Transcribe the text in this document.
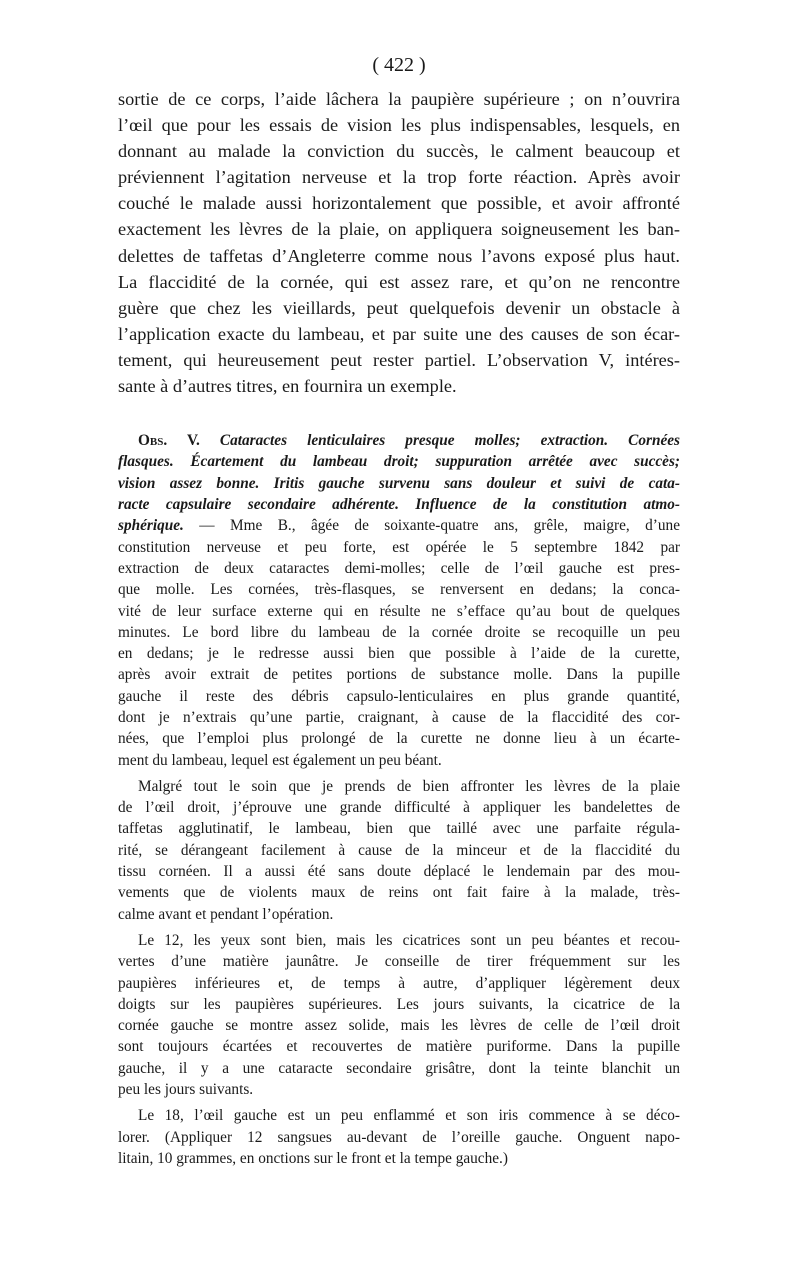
( 422 )
sortie de ce corps, l’aide lâchera la paupière supérieure ; on n’ouvrira
l’œil que pour les essais de vision les plus indispensables, lesquels, en
donnant au malade la conviction du succès, le calment beaucoup et
préviennent l’agitation nerveuse et la trop forte réaction. Après avoir
couché le malade aussi horizontalement que possible, et avoir affronté
exactement les lèvres de la plaie, on appliquera soigneusement les ban-
delettes de taffetas d’Angleterre comme nous l’avons exposé plus haut.
La flaccidité de la cornée, qui est assez rare, et qu’on ne rencontre
guère que chez les vieillards, peut quelquefois devenir un obstacle à
l’application exacte du lambeau, et par suite une des causes de son écar-
tement, qui heureusement peut rester partiel. L’observation V, intéres-
sante à d’autres titres, en fournira un exemple.
Obs. V. Cataractes lenticulaires presque molles; extraction. Cornées
flasques. Écartement du lambeau droit; suppuration arrêtée avec succès;
vision assez bonne. Iritis gauche survenu sans douleur et suivi de cata-
racte capsulaire secondaire adhérente. Influence de la constitution atmo-
sphérique. — Mme B., âgée de soixante-quatre ans, grêle, maigre, d’une
constitution nerveuse et peu forte, est opérée le 5 septembre 1842 par
extraction de deux cataractes demi-molles; celle de l’œil gauche est pres-
que molle. Les cornées, très-flasques, se renversent en dedans; la conca-
vité de leur surface externe qui en résulte ne s’efface qu’au bout de quelques
minutes. Le bord libre du lambeau de la cornée droite se recoquille un peu
en dedans; je le redresse aussi bien que possible à l’aide de la curette,
après avoir extrait de petites portions de substance molle. Dans la pupille
gauche il reste des débris capsulo-lenticulaires en plus grande quantité,
dont je n’extrais qu’une partie, craignant, à cause de la flaccidité des cor-
nées, que l’emploi plus prolongé de la curette ne donne lieu à un écarte-
ment du lambeau, lequel est également un peu béant.
Malgré tout le soin que je prends de bien affronter les lèvres de la plaie
de l’œil droit, j’éprouve une grande difficulté à appliquer les bandelettes de
taffetas agglutinatif, le lambeau, bien que taillé avec une parfaite régula-
rité, se dérangeant facilement à cause de la minceur et de la flaccidité du
tissu cornéen. Il a aussi été sans doute déplacé le lendemain par des mou-
vements que de violents maux de reins ont fait faire à la malade, très-
calme avant et pendant l’opération.
Le 12, les yeux sont bien, mais les cicatrices sont un peu béantes et recou-
vertes d’une matière jaunâtre. Je conseille de tirer fréquemment sur les
paupières inférieures et, de temps à autre, d’appliquer légèrement deux
doigts sur les paupières supérieures. Les jours suivants, la cicatrice de la
cornée gauche se montre assez solide, mais les lèvres de celle de l’œil droit
sont toujours écartées et recouvertes de matière puriforme. Dans la pupille
gauche, il y a une cataracte secondaire grisâtre, dont la teinte blanchit un
peu les jours suivants.
Le 18, l’œil gauche est un peu enflammé et son iris commence à se déco-
lorer. (Appliquer 12 sangsues au-devant de l’oreille gauche. Onguent napo-
litain, 10 grammes, en onctions sur le front et la tempe gauche.)
